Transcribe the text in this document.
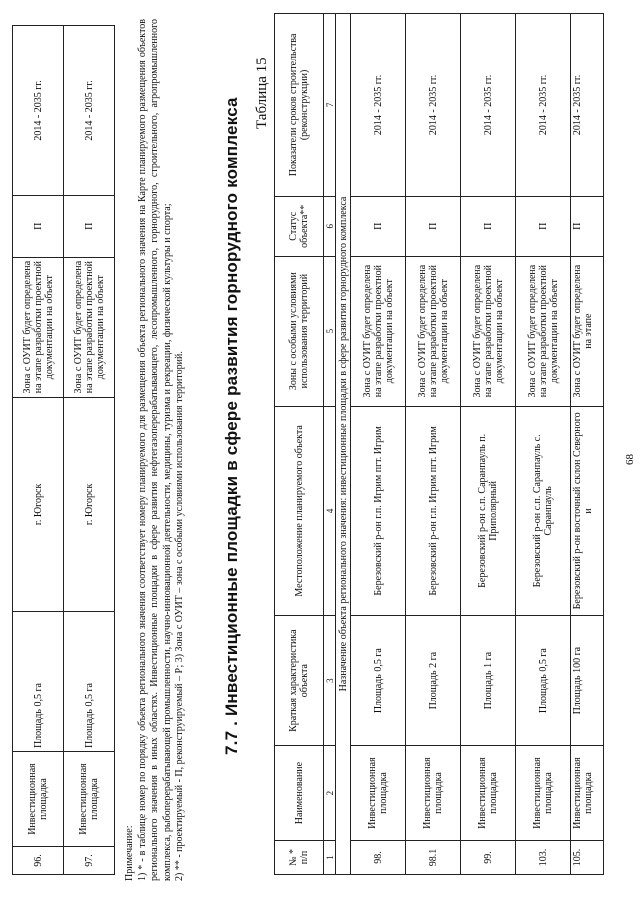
68
96.	Инвестиционная площадка	Площадь 0,5 га	г. Югорск	Зона с ОУИТ будет определена на этапе разработки проектной документации на объект	П	2014 - 2035 гг.
97.	Инвестиционная площадка	Площадь 0,5 га	г. Югорск	Зона с ОУИТ будет определена на этапе разработки проектной документации на объект	П	2014 - 2035 гг.

Примечание: 1) * - в таблице номер по порядку объекта регионального значения соответствует номеру планируемого для размещения объекта регионального значения на Карте планируемого размещения объектов регионального значения в иных областях. Инвестиционные площадки в сфере развития нефтегазоперерабатывающего, лесопромышленного, горнорудного, строительного, агропромышленного комплекса, рыбоперерабатывающей промышленности, научно-инновационной деятельности, медицины, туризма и рекреации, физической культуры и спорта; 2) ** - проектируемый - П, реконструируемый – Р; 3) Зона с ОУИТ – зона с особыми условиями использования территорий. 7.7 . Инвестиционные площадки в сфере развития горнорудного комплекса
Таблица 15
№ * п/п	Наименование	Краткая характеристика объекта	Местоположение планируемого объекта	Зоны с особыми условиями использования территорий	Статус объекта**	Показатели сроков строительства (реконструкции)
1	2	3	4	5	6	7
Назначение объекта регионального значения: инвестиционные площадки в сфере развития горнорудного комплекса						
98.	Инвестиционная площадка	Площадь 0,5 га	Березовский р-он г.п. Игрим пгт. Игрим	Зона с ОУИТ будет определена на этапе разработки проектной документации на объект	П	2014 - 2035 гг.
98.1	Инвестиционная площадка	Площадь 2 га	Березовский р-он г.п. Игрим пгт. Игрим	Зона с ОУИТ будет определена на этапе разработки проектной документации на объект	П	2014 - 2035 гг.
99.	Инвестиционная площадка	Площадь 1 га	Березовский р-он с.п. Саранпауль п. Приполярный	Зона с ОУИТ будет определена на этапе разработки проектной документации на объект	П	2014 - 2035 гг.
103.	Инвестиционная площадка	Площадь 0,5 га	Березовский р-он с.п. Саранпауль с. Саранпауль	Зона с ОУИТ будет определена на этапе разработки проектной документации на объект	П	2014 - 2035 гг.
105.	Инвестиционная площадка	Площадь 100 га	Березовский р-он восточный склон Северного и	Зона с ОУИТ будет определена на этапе	П	2014 - 2035 гг.
